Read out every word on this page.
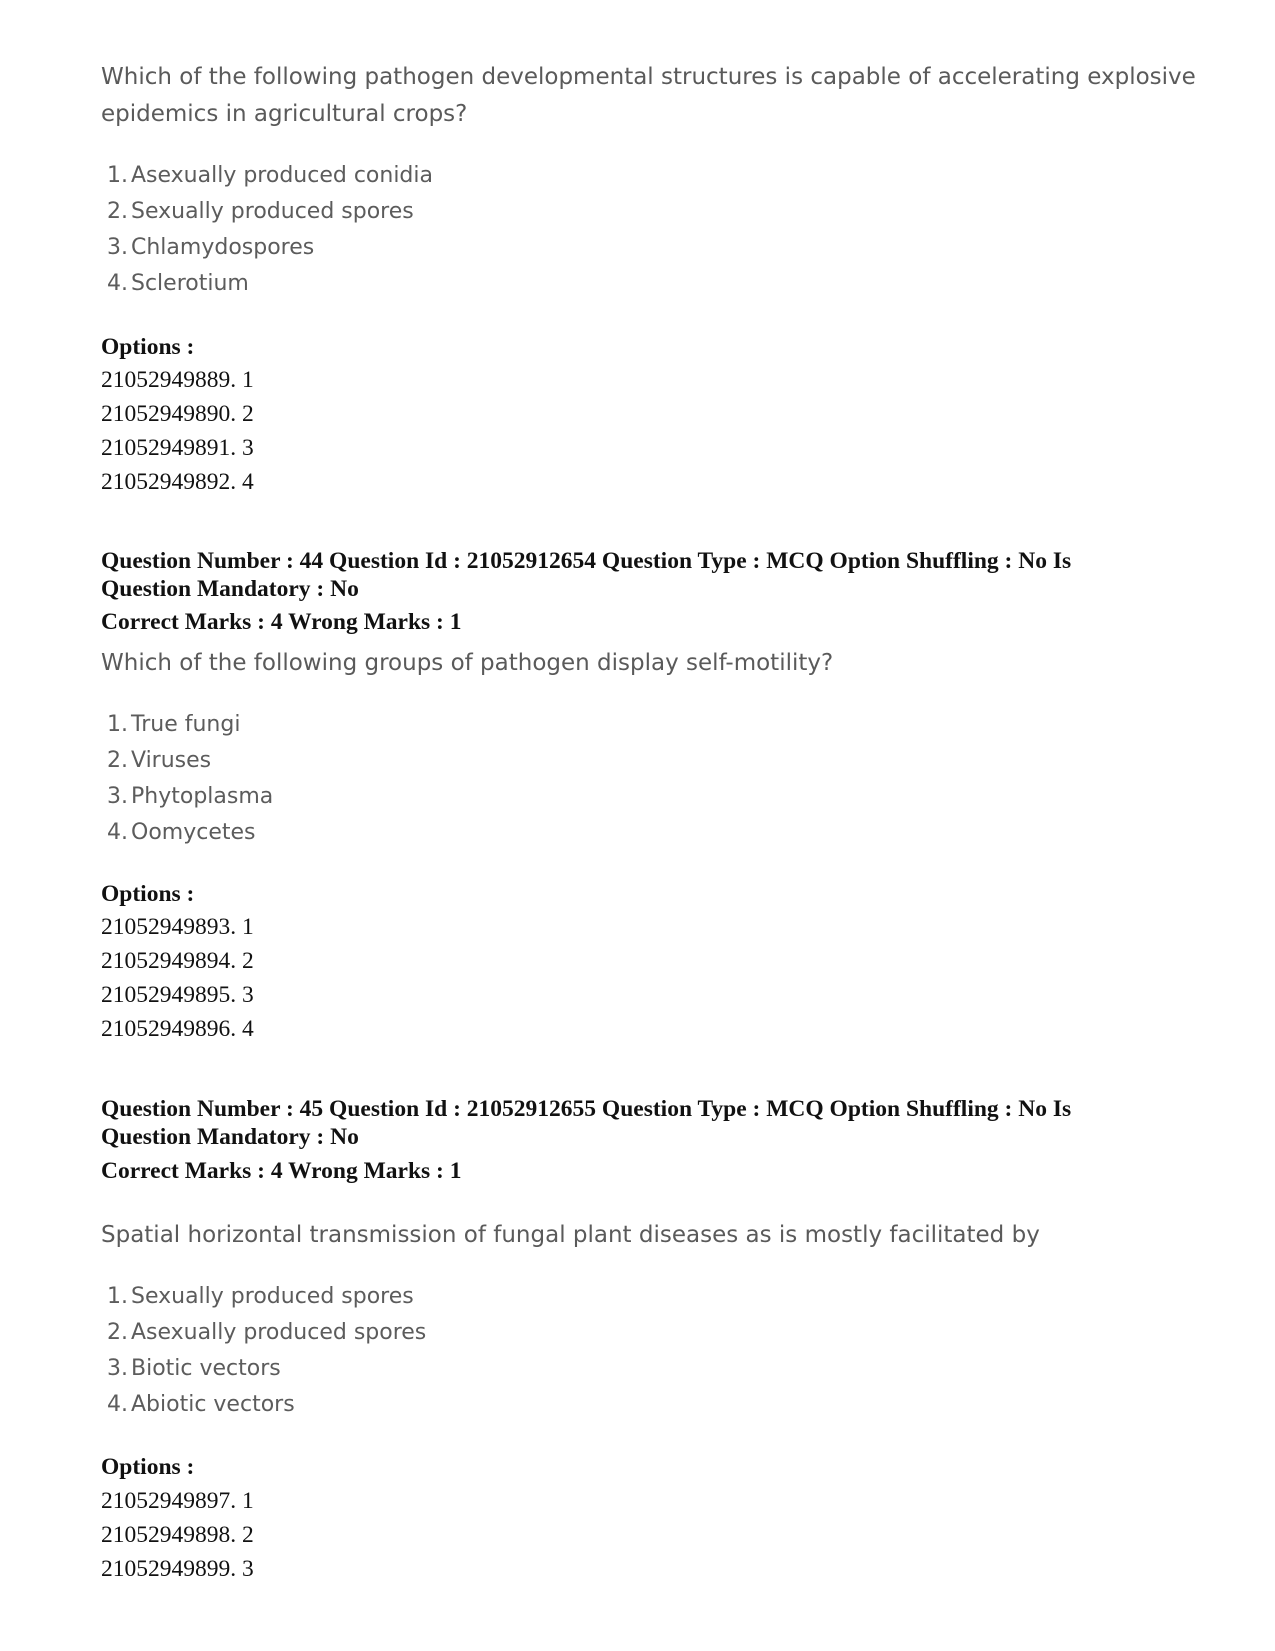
Which of the following pathogen developmental structures is capable of accelerating explosive
epidemics in agricultural crops?
1. Asexually produced conidia
2. Sexually produced spores
3. Chlamydospores
4. Sclerotium
Options :
21052949889. 1
21052949890. 2
21052949891. 3
21052949892. 4
Question Number : 44 Question Id : 21052912654 Question Type : MCQ Option Shuffling : No Is
Question Mandatory : No
Correct Marks : 4 Wrong Marks : 1
Which of the following groups of pathogen display self-motility?
1. True fungi
2. Viruses
3. Phytoplasma
4. Oomycetes
Options :
21052949893. 1
21052949894. 2
21052949895. 3
21052949896. 4
Question Number : 45 Question Id : 21052912655 Question Type : MCQ Option Shuffling : No Is
Question Mandatory : No
Correct Marks : 4 Wrong Marks : 1
Spatial horizontal transmission of fungal plant diseases as is mostly facilitated by
1. Sexually produced spores
2. Asexually produced spores
3. Biotic vectors
4. Abiotic vectors
Options :
21052949897. 1
21052949898. 2
21052949899. 3
